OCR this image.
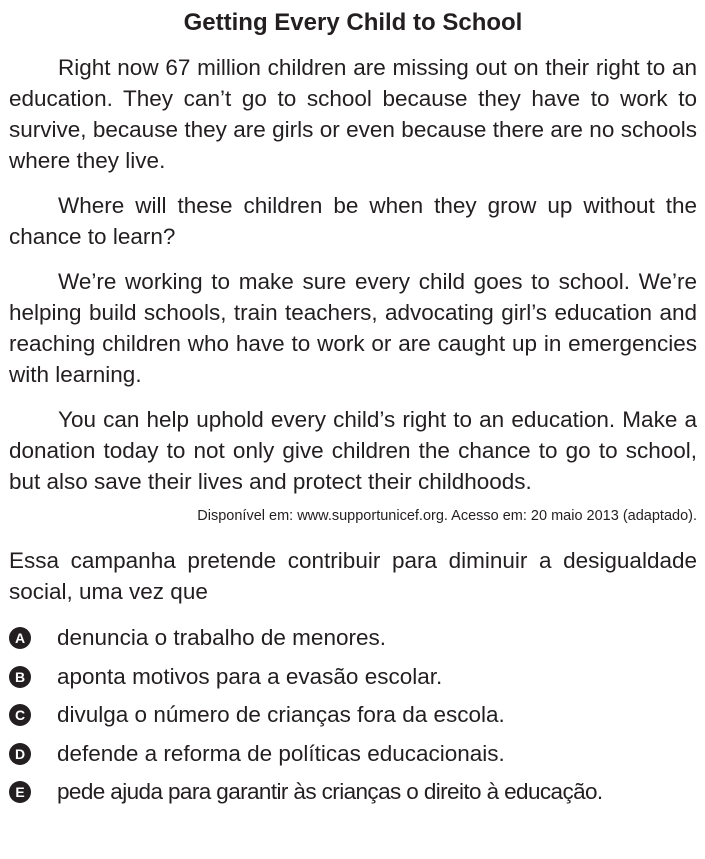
Getting Every Child to School

Right now 67 million children are missing out on their right to an education. They can’t go to school because they have to work to survive, because they are girls or even because there are no schools where they live.

Where will these children be when they grow up without the chance to learn?

We’re working to make sure every child goes to school. We’re helping build schools, train teachers, advocating girl’s education and reaching children who have to work or are caught up in emergencies with learning.

You can help uphold every child’s right to an education. Make a donation today to not only give children the chance to go to school, but also save their lives and protect their childhoods.

Disponível em: www.supportunicef.org. Acesso em: 20 maio 2013 (adaptado).

Essa campanha pretende contribuir para diminuir a desigualdade social, uma vez que

A denuncia o trabalho de menores.
B aponta motivos para a evasão escolar.
C divulga o número de crianças fora da escola.
D defende a reforma de políticas educacionais.
E pede ajuda para garantir às crianças o direito à educação.
